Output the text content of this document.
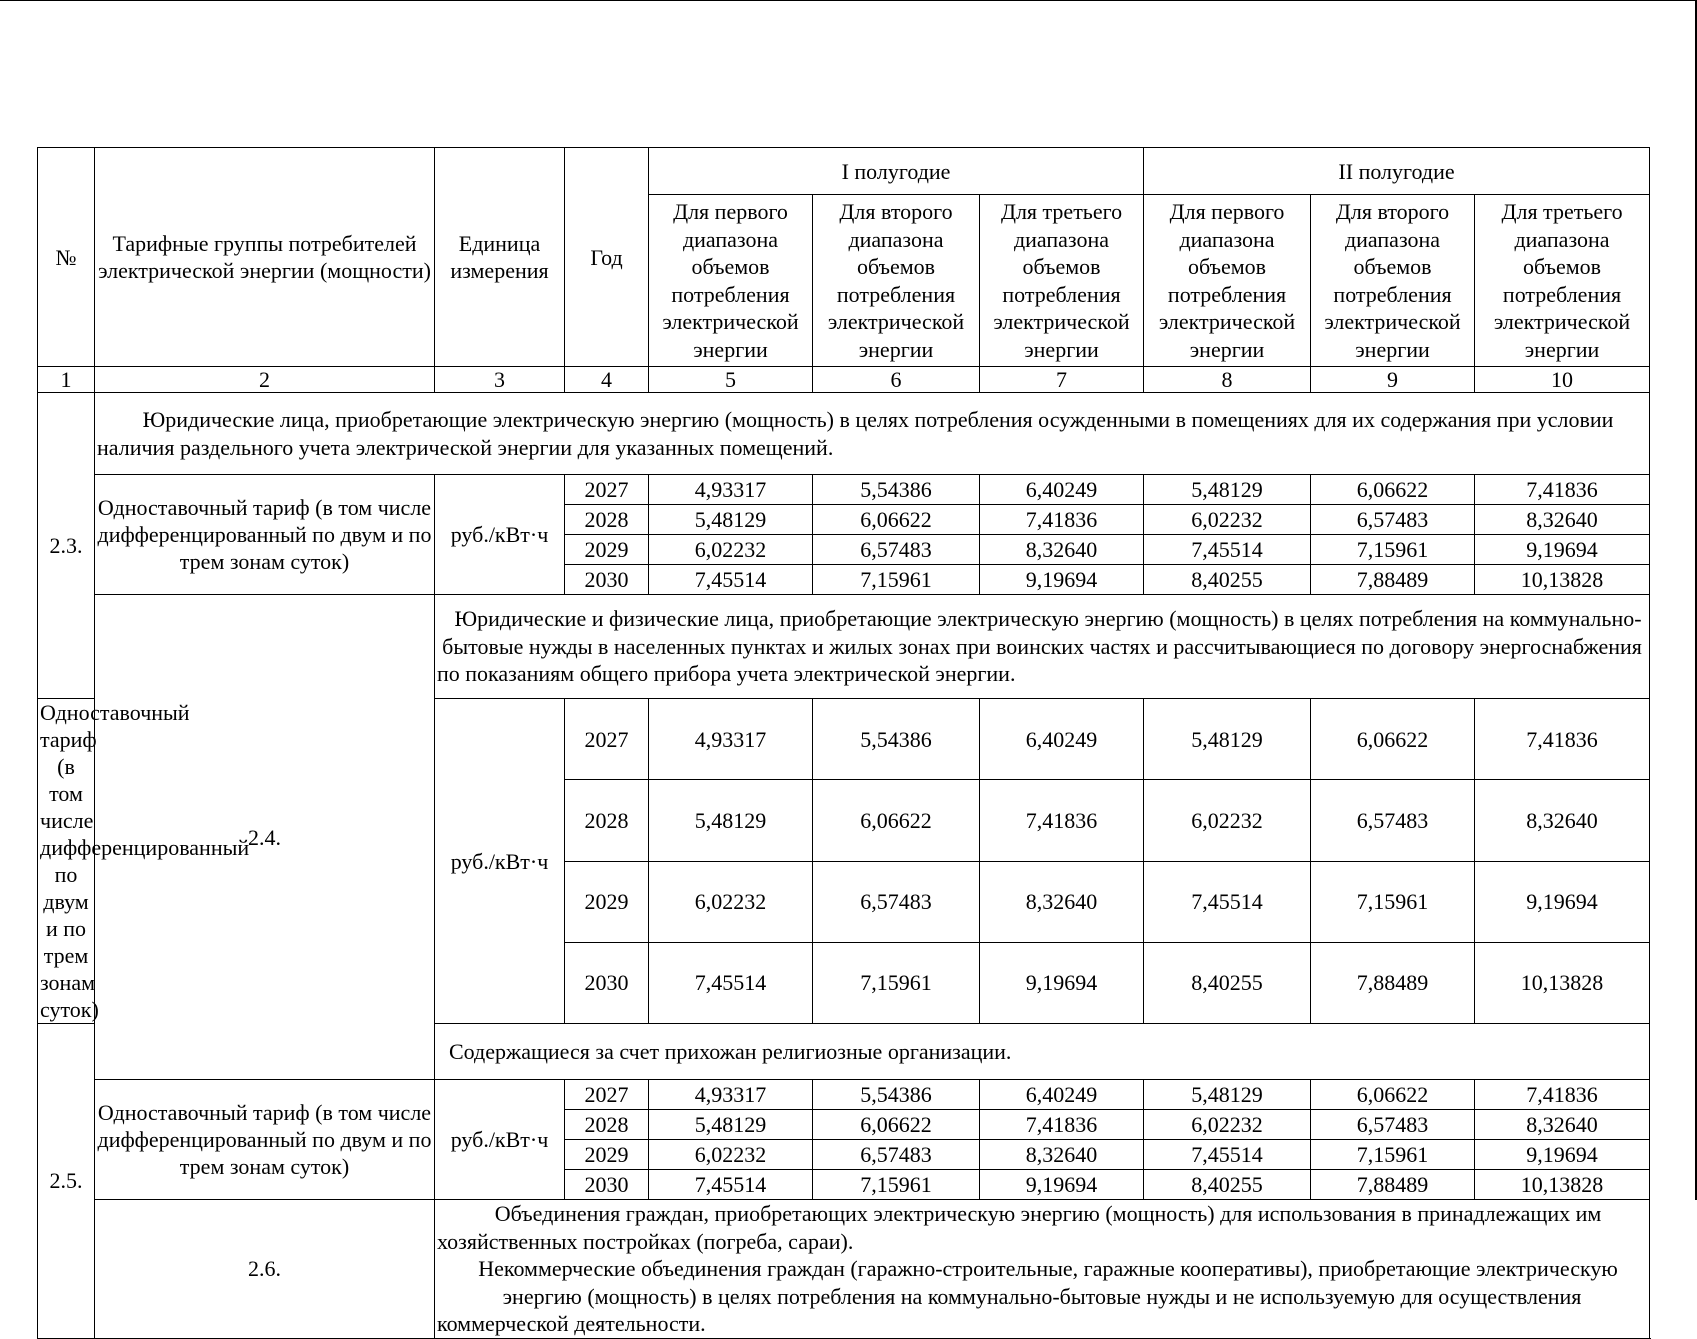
№	Тарифные группы потребителей электрической энергии (мощности)	Единица измерения	Год	I полугодие			II полугодие		
				Для первого диапазона объемов потребления электрической энергии	Для второго диапазона объемов потребления электрической энергии	Для третьего диапазона объемов потребления электрической энергии	Для первого диапазона объемов потребления электрической энергии	Для второго диапазона объемов потребления электрической энергии	Для третьего диапазона объемов потребления электрической энергии
1	2	3	4	5	6	7	8	9	10
2.3.	Юридические лица, приобретающие электрическую энергию (мощность) в целях потребления осужденными в помещениях для их содержания при условии наличия раздельного учета электрической энергии для указанных помещений.								

	Одноставочный тариф (в том числе дифференцированный по двум и по трем зонам суток)	руб./кВт·ч	2027	4,93317	5,54386	6,40249	5,48129	6,06622	7,41836
			2028	5,48129	6,06622	7,41836	6,02232	6,57483	8,32640
			2029	6,02232	6,57483	8,32640	7,45514	7,15961	9,19694
			2030	7,45514	7,15961	9,19694	8,40255	7,88489	10,13828
	2.4.	Юридические и физические лица, приобретающие электрическую энергию (мощность) в целях потребления на коммунально-бытовые нужды в населенных пунктах и жилых зонах при воинских частях и рассчитывающиеся по договору энергоснабжения по показаниям общего прибора учета электрической энергии.							

Одноставочный тариф (в том числе дифференцированный по двум и по трем зонам суток)		руб./кВт·ч	2027	4,93317	5,54386	6,40249	5,48129	6,06622	7,41836
			2028	5,48129	6,06622	7,41836	6,02232	6,57483	8,32640
			2029	6,02232	6,57483	8,32640	7,45514	7,15961	9,19694
			2030	7,45514	7,15961	9,19694	8,40255	7,88489	10,13828
2.5.		Содержащиеся за счет прихожан религиозные организации.							

	Одноставочный тариф (в том числе дифференцированный по двум и по трем зонам суток)	руб./кВт·ч	2027	4,93317	5,54386	6,40249	5,48129	6,06622	7,41836
			2028	5,48129	6,06622	7,41836	6,02232	6,57483	8,32640
			2029	6,02232	6,57483	8,32640	7,45514	7,15961	9,19694
			2030	7,45514	7,15961	9,19694	8,40255	7,88489	10,13828
	2.6.	Объединения граждан, приобретающих электрическую энергию (мощность) для использования в принадлежащих им хозяйственных постройках (погреба, сараи).
Некоммерческие объединения граждан (гаражно-строительные, гаражные кооперативы), приобретающие электрическую энергию (мощность) в целях потребления на коммунально-бытовые нужды и не используемую для осуществления коммерческой деятельности.							
